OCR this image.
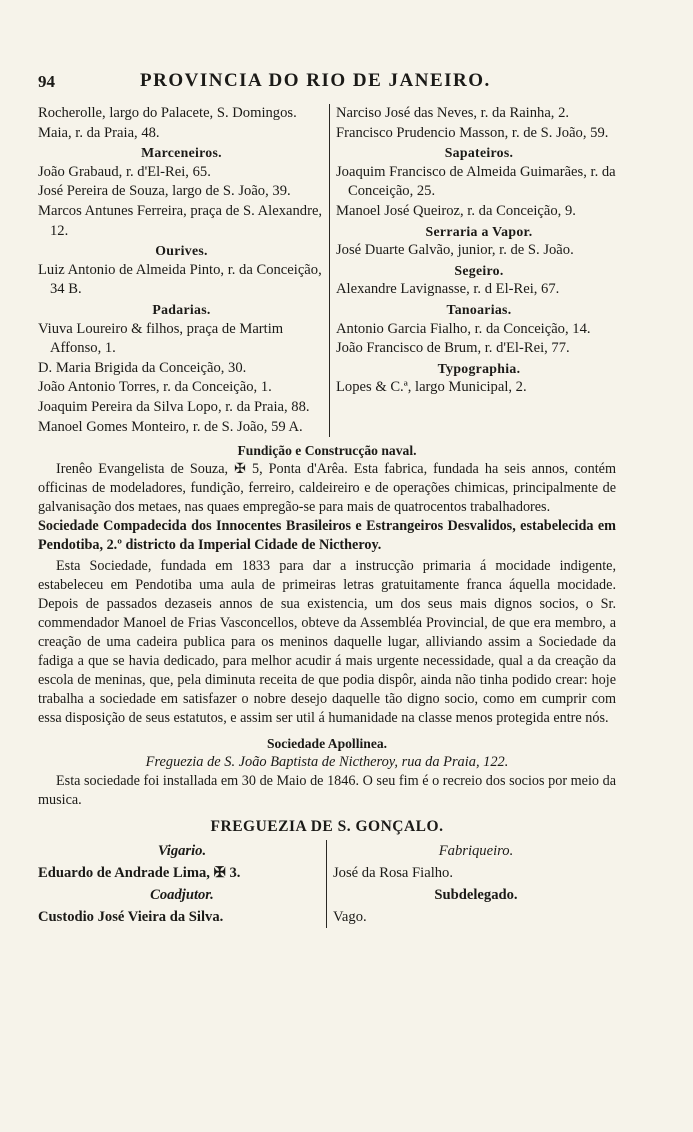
94	PROVINCIA DO RIO DE JANEIRO.
Rocherolle, largo do Palacete, S. Domingos.
Maia, r. da Praia, 48.
Marceneiros.
João Grabaud, r. d'El-Rei, 65.
José Pereira de Souza, largo de S. João, 39.
Marcos Antunes Ferreira, praça de S. Alexandre, 12.
Ourives.
Luiz Antonio de Almeida Pinto, r. da Conceição, 34 B.
Padarias.
Viuva Loureiro & filhos, praça de Martim Affonso, 1.
D. Maria Brigida da Conceição, 30.
João Antonio Torres, r. da Conceição, 1.
Joaquim Pereira da Silva Lopo, r. da Praia, 88.
Manoel Gomes Monteiro, r. de S. João, 59 A.
Narciso José das Neves, r. da Rainha, 2.
Francisco Prudencio Masson, r. de S. João, 59.
Sapateiros.
Joaquim Francisco de Almeida Guimarães, r. da Conceição, 25.
Manoel José Queiroz, r. da Conceição, 9.
Serraria a Vapor.
José Duarte Galvão, junior, r. de S. João.
Segeiro.
Alexandre Lavignasse, r. d El-Rei, 67.
Tanoarias.
Antonio Garcia Fialho, r. da Conceição, 14.
João Francisco de Brum, r. d'El-Rei, 77.
Typographia.
Lopes & C.ª, largo Municipal, 2.
Fundição e Construcção naval.
Irenêo Evangelista de Souza, ✠ 5, Ponta d'Arêa. Esta fabrica, fundada ha seis annos, contém officinas de modeladores, fundição, ferreiro, caldeireiro e de operações chimicas, principalmente de galvanisação dos metaes, nas quaes empregão-se para mais de quatrocentos trabalhadores.
Sociedade Compadecida dos Innocentes Brasileiros e Estrangeiros Desvalidos, estabelecida em Pendotiba, 2.º districto da Imperial Cidade de Nictheroy.
Esta Sociedade, fundada em 1833 para dar a instrucção primaria á mocidade indigente, estabeleceu em Pendotiba uma aula de primeiras letras gratuitamente franca áquella mocidade. Depois de passados dezaseis annos de sua existencia, um dos seus mais dignos socios, o Sr. commendador Manoel de Frias Vasconcellos, obteve da Assembléa Provincial, de que era membro, a creação de uma cadeira publica para os meninos daquelle lugar, alliviando assim a Sociedade da fadiga a que se havia dedicado, para melhor acudir á mais urgente necessidade, qual a da creação da escola de meninas, que, pela diminuta receita de que podia dispôr, ainda não tinha podido crear: hoje trabalha a sociedade em satisfazer o nobre desejo daquelle tão digno socio, como em cumprir com essa disposição de seus estatutos, e assim ser util á humanidade na classe menos protegida entre nós.
Sociedade Apollinea.
Freguezia de S. João Baptista de Nictheroy, rua da Praia, 122.
Esta sociedade foi installada em 30 de Maio de 1846. O seu fim é o recreio dos socios por meio da musica.
FREGUEZIA DE S. GONÇALO.
Vigario.
Eduardo de Andrade Lima, ✠ 3.
Coadjutor.
Custodio José Vieira da Silva.
Fabriqueiro.
José da Rosa Fialho.
Subdelegado.
Vago.
